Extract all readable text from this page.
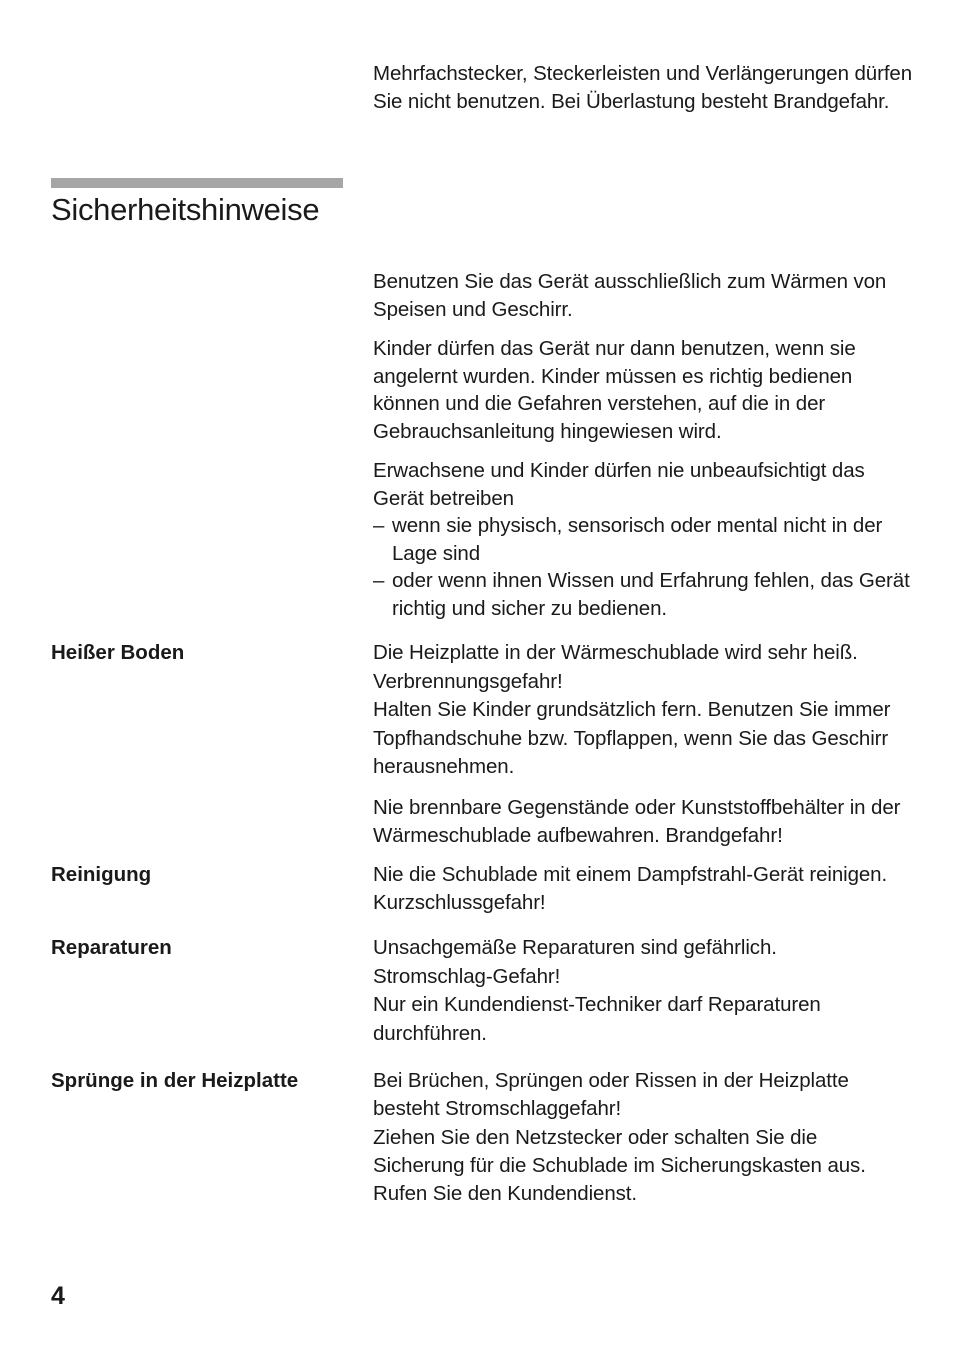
Mehrfachstecker, Steckerleisten und Verlängerungen dürfen Sie nicht benutzen. Bei Überlastung besteht Brandgefahr.

Sicherheitshinweise

Benutzen Sie das Gerät ausschließlich zum Wärmen von Speisen und Geschirr.

Kinder dürfen das Gerät nur dann benutzen, wenn sie angelernt wurden. Kinder müssen es richtig bedienen können und die Gefahren verstehen, auf die in der Gebrauchsanleitung hingewiesen wird.

Erwachsene und Kinder dürfen nie unbeaufsichtigt das Gerät betreiben

– wenn sie physisch, sensorisch oder mental nicht in der Lage sind
– oder wenn ihnen Wissen und Erfahrung fehlen, das Gerät richtig und sicher zu bedienen.
Heißer Boden	Die Heizplatte in der Wärmeschublade wird sehr heiß.

Verbrennungsgefahr!

Halten Sie Kinder grundsätzlich fern. Benutzen Sie immer Topfhandschuhe bzw. Topflappen, wenn Sie das Geschirr herausnehmen.

Nie brennbare Gegenstände oder Kunststoffbehälter in der Wärmeschublade aufbewahren. Brandgefahr!

Reinigung	Nie die Schublade mit einem Dampfstrahl-Gerät reinigen. Kurzschlussgefahr!

Reparaturen	Unsachgemäße Reparaturen sind gefährlich.

Stromschlag-Gefahr!

Nur ein Kundendienst-Techniker darf Reparaturen durchführen.

Sprünge in der Heizplatte	Bei Brüchen, Sprüngen oder Rissen in der Heizplatte besteht Stromschlaggefahr!

Ziehen Sie den Netzstecker oder schalten Sie die Sicherung für die Schublade im Sicherungskasten aus.

Rufen Sie den Kundendienst.

4
